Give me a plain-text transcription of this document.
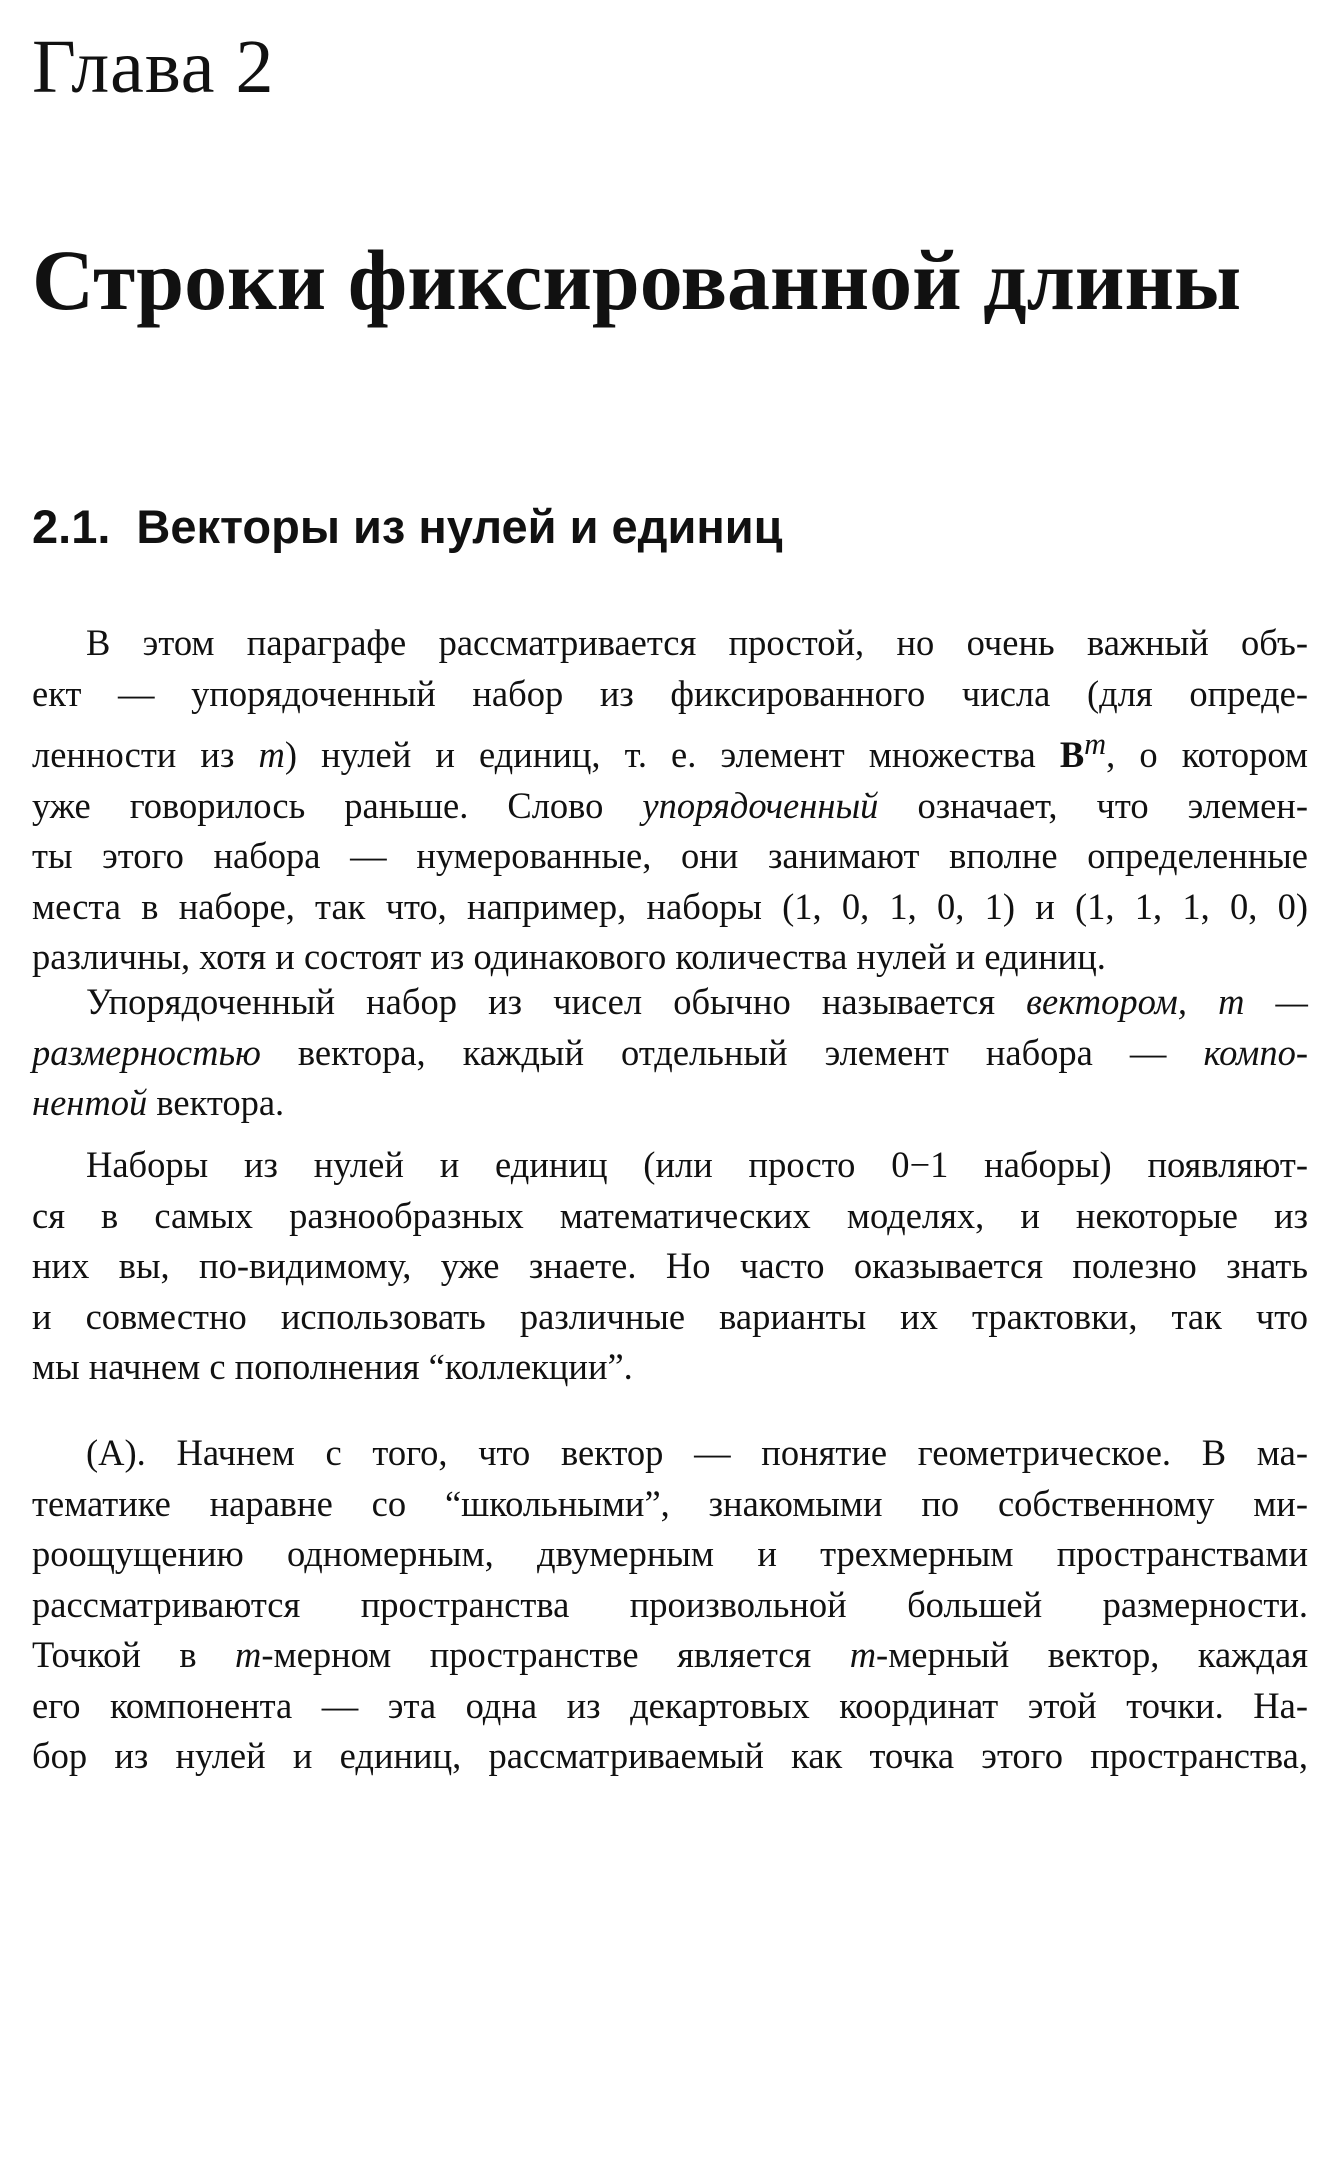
Глава 2
Строки фиксированной длины
2.1. Векторы из нулей и единиц
В этом параграфе рассматривается простой, но очень важный объ-
ект — упорядоченный набор из фиксированного числа (для опреде-
ленности из m) нулей и единиц, т. е. элемент множества $B^m$, о котором
уже говорилось раньше. Слово упорядоченный означает, что элемен-
ты этого набора — нумерованные, они занимают вполне определенные
места в наборе, так что, например, наборы (1, 0, 1, 0, 1) и (1, 1, 1, 0, 0)
различны, хотя и состоят из одинакового количества нулей и единиц.
Упорядоченный набор из чисел обычно называется вектором, m —
размерностью вектора, каждый отдельный элемент набора — компо-
нентой вектора.
Наборы из нулей и единиц (или просто 0−1 наборы) появляют-
ся в самых разнообразных математических моделях, и некоторые из
них вы, по-видимому, уже знаете. Но часто оказывается полезно знать
и совместно использовать различные варианты их трактовки, так что
мы начнем с пополнения “коллекции”.
(A). Начнем с того, что вектор — понятие геометрическое. В ма-
тематике наравне со “школьными”, знакомыми по собственному ми-
роощущению одномерным, двумерным и трехмерным пространствами
рассматриваются пространства произвольной большей размерности.
Точкой в m-мерном пространстве является m-мерный вектор, каждая
его компонента — эта одна из декартовых координат этой точки. На-
бор из нулей и единиц, рассматриваемый как точка этого пространства,
